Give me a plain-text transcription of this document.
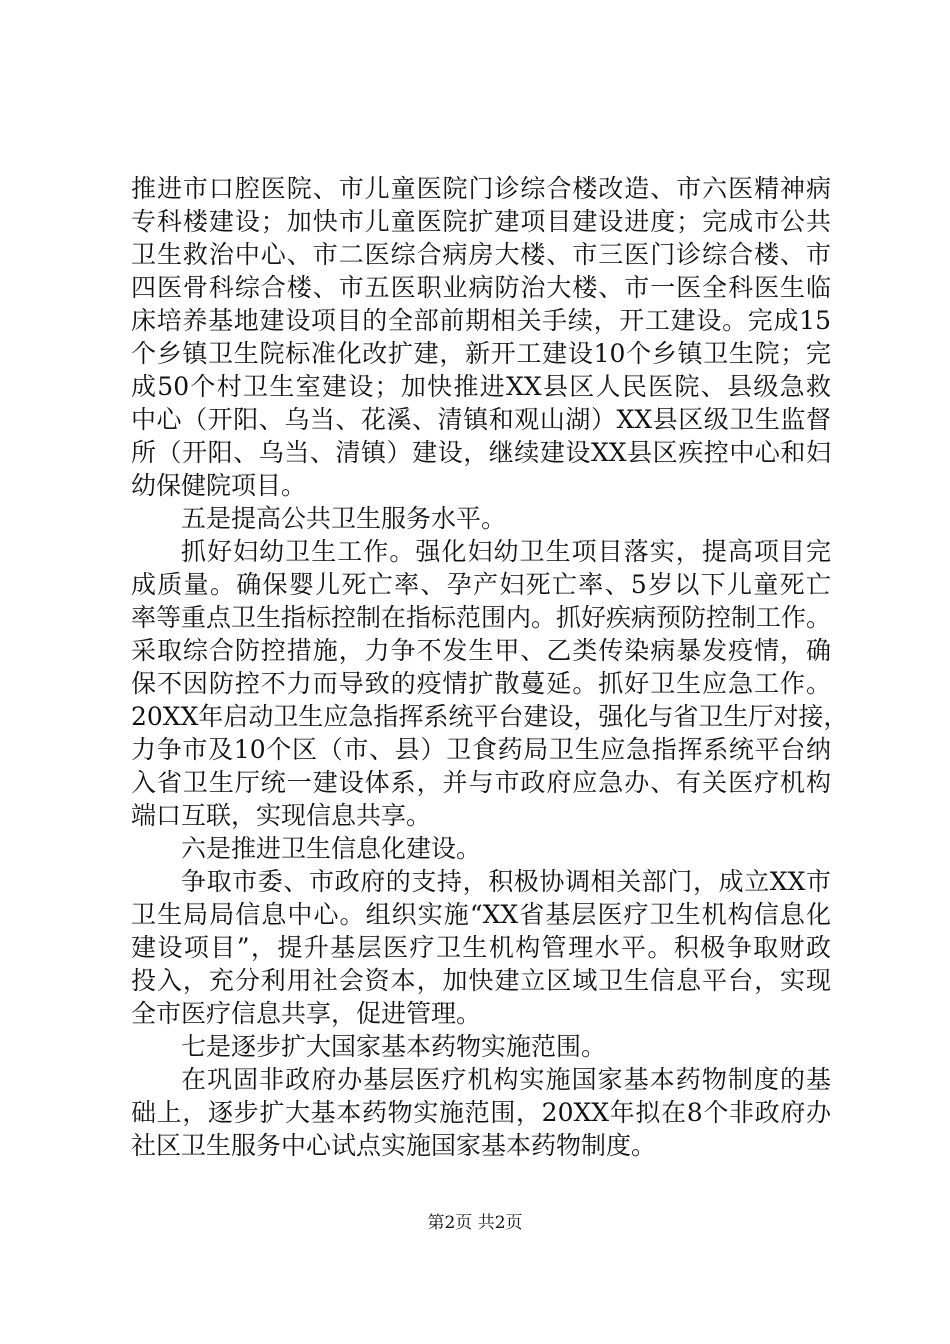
推进市口腔医院、市儿童医院门诊综合楼改造、市六医精神病
专科楼建设；加快市儿童医院扩建项目建设进度；完成市公共
卫生救治中心、市二医综合病房大楼、市三医门诊综合楼、市
四医骨科综合楼、市五医职业病防治大楼、市一医全科医生临
床培养基地建设项目的全部前期相关手续，开工建设。完成15
个乡镇卫生院标准化改扩建，新开工建设10个乡镇卫生院；完
成50个村卫生室建设；加快推进XX县区人民医院、县级急救
中心（开阳、乌当、花溪、清镇和观山湖）XX县区级卫生监督
所（开阳、乌当、清镇）建设，继续建设XX县区疾控中心和妇
幼保健院项目。
五是提高公共卫生服务水平。
抓好妇幼卫生工作。强化妇幼卫生项目落实，提高项目完
成质量。确保婴儿死亡率、孕产妇死亡率、5岁以下儿童死亡
率等重点卫生指标控制在指标范围内。抓好疾病预防控制工作。
采取综合防控措施，力争不发生甲、乙类传染病暴发疫情，确
保不因防控不力而导致的疫情扩散蔓延。抓好卫生应急工作。
20XX年启动卫生应急指挥系统平台建设，强化与省卫生厅对接，
力争市及10个区（市、县）卫食药局卫生应急指挥系统平台纳
入省卫生厅统一建设体系，并与市政府应急办、有关医疗机构
端口互联，实现信息共享。
六是推进卫生信息化建设。
争取市委、市政府的支持，积极协调相关部门，成立XX市
卫生局局信息中心。组织实施“XX省基层医疗卫生机构信息化
建设项目”，提升基层医疗卫生机构管理水平。积极争取财政
投入，充分利用社会资本，加快建立区域卫生信息平台，实现
全市医疗信息共享，促进管理。
七是逐步扩大国家基本药物实施范围。
在巩固非政府办基层医疗机构实施国家基本药物制度的基
础上，逐步扩大基本药物实施范围，20XX年拟在8个非政府办
社区卫生服务中心试点实施国家基本药物制度。
第2页 共2页
